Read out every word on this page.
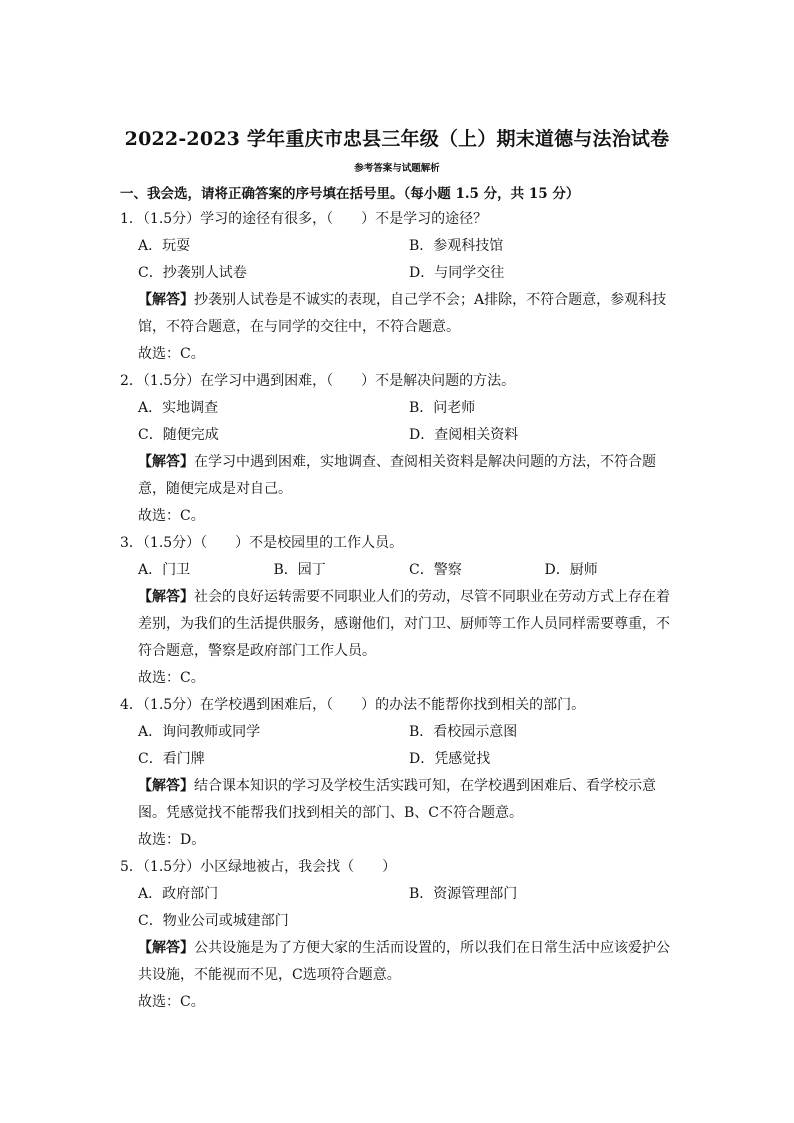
2022-2023 学年重庆市忠县三年级（上）期末道德与法治试卷
参考答案与试题解析
一、我会选，请将正确答案的序号填在括号里。（每小题 1.5 分，共 15 分）
1．（1.5分）学习的途径有很多，（　　）不是学习的途径？
A．玩耍	B．参观科技馆
C．抄袭别人试卷	D．与同学交往
【解答】抄袭别人试卷是不诚实的表现，自己学不会；A排除，不符合题意，参观科技馆，不符合题意，在与同学的交往中，不符合题意。
故选：C。
2．（1.5分）在学习中遇到困难，（　　）不是解决问题的方法。
A．实地调查	B．问老师
C．随便完成	D．查阅相关资料
【解答】在学习中遇到困难，实地调查、查阅相关资料是解决问题的方法，不符合题意，随便完成是对自己。
故选：C。
3．（1.5分）（　　）不是校园里的工作人员。
A．门卫	B．园丁	C．警察	D．厨师
【解答】社会的良好运转需要不同职业人们的劳动，尽管不同职业在劳动方式上存在着差别，为我们的生活提供服务，感谢他们，对门卫、厨师等工作人员同样需要尊重，不符合题意，警察是政府部门工作人员。
故选：C。
4．（1.5分）在学校遇到困难后，（　　）的办法不能帮你找到相关的部门。
A．询问教师或同学	B．看校园示意图
C．看门牌	D．凭感觉找
【解答】结合课本知识的学习及学校生活实践可知，在学校遇到困难后、看学校示意图。凭感觉找不能帮我们找到相关的部门、B、C不符合题意。
故选：D。
5．（1.5分）小区绿地被占，我会找（　　）
A．政府部门	B．资源管理部门
C．物业公司或城建部门
【解答】公共设施是为了方便大家的生活而设置的，所以我们在日常生活中应该爱护公共设施，不能视而不见，C选项符合题意。
故选：C。
